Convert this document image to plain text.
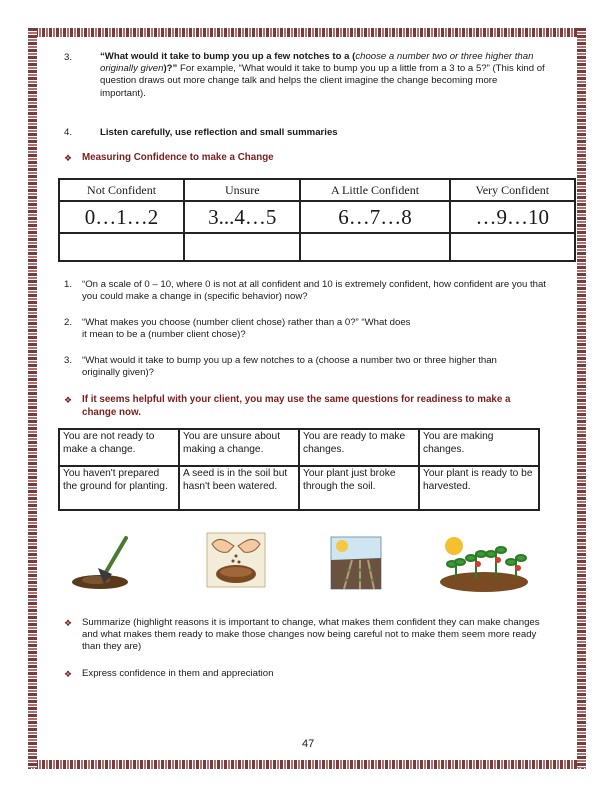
3.	“What would it take to bump you up a few notches to a (choose a number two or three higher than originally given)?” For example, “What would it take to bump you up a little from a 3 to a 5?” (This kind of question draws out more change talk and helps the client imagine the change becoming more important).
4.	Listen carefully, use reflection and small summaries
❖ Measuring Confidence to make a Change
Not Confident	Unsure	A Little Confident	Very Confident
0…1…2	3...4…5	6…7…8	…9…10

1. “On a scale of 0 – 10, where 0 is not at all confident and 10 is extremely confident, how confident are you that you could make a change in (specific behavior) now?
2. “What makes you choose (number client chose) rather than a 0?” “What does it mean to be a (number client chose)?
3. “What would it take to bump you up a few notches to a (choose a number two or three higher than originally given)?
❖ If it seems helpful with your client, you may use the same questions for readiness to make a change now.
You are not ready to make a change.	You are unsure about making a change.	You are ready to make changes.	You are making changes.
You haven't prepared the ground for planting.	A seed is in the soil but hasn't been watered.	Your plant just broke through the soil.	Your plant is ready to be harvested.
❖ Summarize (highlight reasons it is important to change, what makes them confident they can make changes and what makes them ready to make those changes now being careful not to make them seem more ready than they are)
❖ Express confidence in them and appreciation
47
